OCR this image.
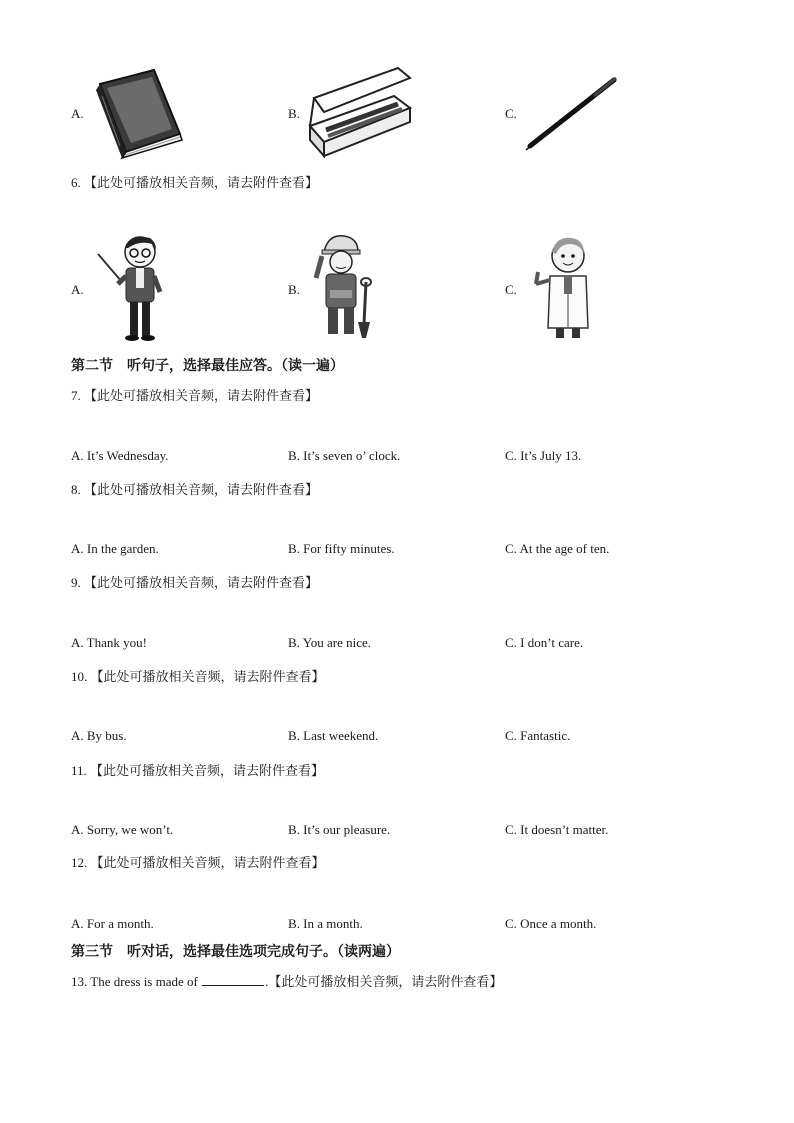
A.	B.	C.
6. 【此处可播放相关音频，请去附件查看】
A.	B.	C.
第二节　听句子，选择最佳应答。（读一遍）
7. 【此处可播放相关音频，请去附件查看】
A. It’s Wednesday.	B. It’s seven o’ clock.	C. It’s July 13.
8. 【此处可播放相关音频，请去附件查看】
A. In the garden.	B. For fifty minutes.	C. At the age of ten.
9. 【此处可播放相关音频，请去附件查看】
A. Thank you!	B. You are nice.	C. I don’t care.
10. 【此处可播放相关音频，请去附件查看】
A. By bus.	B. Last weekend.	C. Fantastic.
11. 【此处可播放相关音频，请去附件查看】
A. Sorry, we won’t.	B. It’s our pleasure.	C. It doesn’t matter.
12. 【此处可播放相关音频，请去附件查看】
A. For a month.	B. In a month.	C. Once a month.
第三节　听对话，选择最佳选项完成句子。（读两遍）
13. The dress is made of	.【此处可播放相关音频，请去附件查看】
